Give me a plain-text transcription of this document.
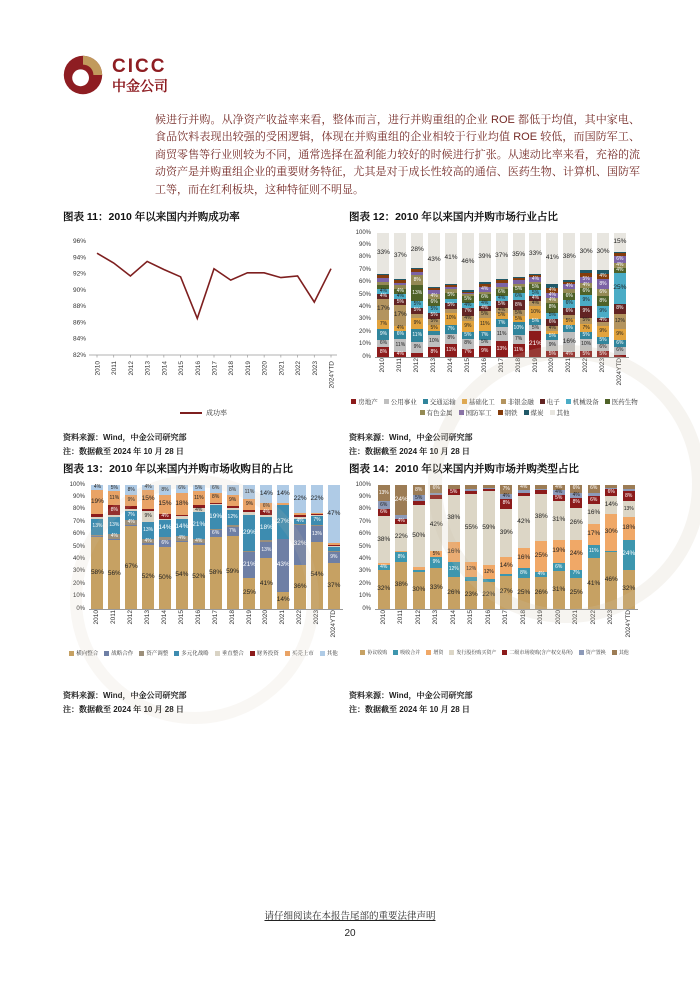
CICC
中金公司

候进行并购。从净资产收益率来看，整体而言，进行并购重组的企业 ROE 都低于均值，其中家电、食品饮料表现出较强的受困逻辑，体现在并购重组的企业相较于行业均值 ROE 较低，而国防军工、商贸零售等行业则较为不同，通常选择在盈利能力较好的时候进行扩张。从速动比率来看，充裕的流动资产是并购重组企业的重要财务特征，尤其是对于成长性较高的通信、医药生物、计算机、国防军工等，而在红利板块，这种特征则不明显。

图表 11：2010 年以来国内并购成功率
96%
94%
92%
90%
88%
86%
84%
82%
2010 2011 2012 2013 2014 2015 2016 2017 2018 2019 2020 2021 2022 2023 2024YTD
成功率
资料来源：Wind，中金公司研究部
注：数据截至 2024 年 10 月 28 日
图表 12：2010 年以来国内并购市场行业占比
100%
90%
80%
70%
60%
50%
40%
30%
20%
10%
0%
33%
4%
4%
17%
7%
9%
6%
8%
37%
4%
4%
5%
17%
4%
6%
11%
4%
28%
8%
13%
5%
5%
9%
11%
9%
43%
4%
6%
5%
5%
5%
5%
10%
8%
41%
5%
5%
10%
7%
8%
11%
46%
5%
4%
7%
4%
9%
5%
8%
7%
39%
4%
6%
4%
4%
5%
11%
7%
5%
9%
37%
6%
4%
5%
4%
5%
7%
11%
13%
35%
5%
6%
8%
5%
5%
10%
7%
11%
33%
4%
5%
5%
4%
4%
10%
5%
5%
21%
41%
4%
4%
4%
8%
5%
6%
4%
5%
9%
5%
38%
4%
6%
6%
6%
5%
6%
16%
4%
30%
5%
4%
6%
9%
9%
5%
7%
5%
10%
5%
30%
4%
8%
6%
8%
9%
4%
9%
5%
6%
5%
15%
6%
4%
4%
25%
8%
12%
9%
6%
6%
2010 2011 2012 2013 2014 2015 2016 2017 2018 2019 2020 2021 2022 2023 2024YTD
房地产 公用事业 交通运输 基础化工 非银金融 电子 机械设备 医药生物
有色金属 国防军工 钢铁 煤炭 其他
资料来源：Wind，中金公司研究部
注：数据截至 2024 年 10 月 28 日
图表 13：2010 年以来国内并购市场收购目的占比
100%
90%
80%
70%
60%
50%
40%
30%
20%
10%
0%
4%
19%
13%
58%
5%
11%
8%
13%
4%
56%
8%
9%
7%
4%
67%
4%
15%
9%
13%
4%
52%
8%
15%
4%
14%
6%
50%
6%
18%
14%
4%
54%
5%
11%
4%
21%
4%
52%
6%
8%
19%
6%
58%
8%
9%
12%
7%
59%
11%
9%
29%
21%
25%
14%
6%
4%
18%
13%
41%
14%
27%
43%
14%
22%
4%
32%
36%
22%
7%
13%
54%
47%
9%
37%
2010 2011 2012 2013 2014 2015 2016 2017 2018 2019 2020 2021 2022 2023 2024YTD
横向整合 战略合作 资产调整 多元化战略 垂直整合 财务投资 买壳上市 其他
资料来源：Wind，中金公司研究部
注：数据截至 2024 年 10 月 28 日
图表 14：2010 年以来国内并购市场并购类型占比
100%
90%
80%
70%
60%
50%
40%
30%
20%
10%
0%
13%
6%
6%
38%
4%
32%
24%
4%
22%
8%
38%
8%
5%
50%
30%
6%
42%
5%
9%
33%
5%
38%
16%
12%
26%
55%
12%
23%
59%
12%
22%
7%
4%
8%
39%
14%
27%
4%
42%
16%
8%
25%
38%
25%
4%
26%
4%
4%
5%
31%
19%
6%
31%
6%
4%
8%
26%
24%
7%
25%
6%
6%
16%
17%
11%
41%
6%
14%
30%
46%
8%
13%
18%
24%
32%
2010 2011 2012 2013 2014 2015 2016 2017 2018 2019 2020 2021 2022 2023 2024YTD
协议收购	吸收合并	增资	发行股份购买资产	二级市场收购(含产权交易所)	资产置换	其他
资料来源：Wind，中金公司研究部
注：数据截至 2024 年 10 月 28 日
请仔细阅读在本报告尾部的重要法律声明
20
